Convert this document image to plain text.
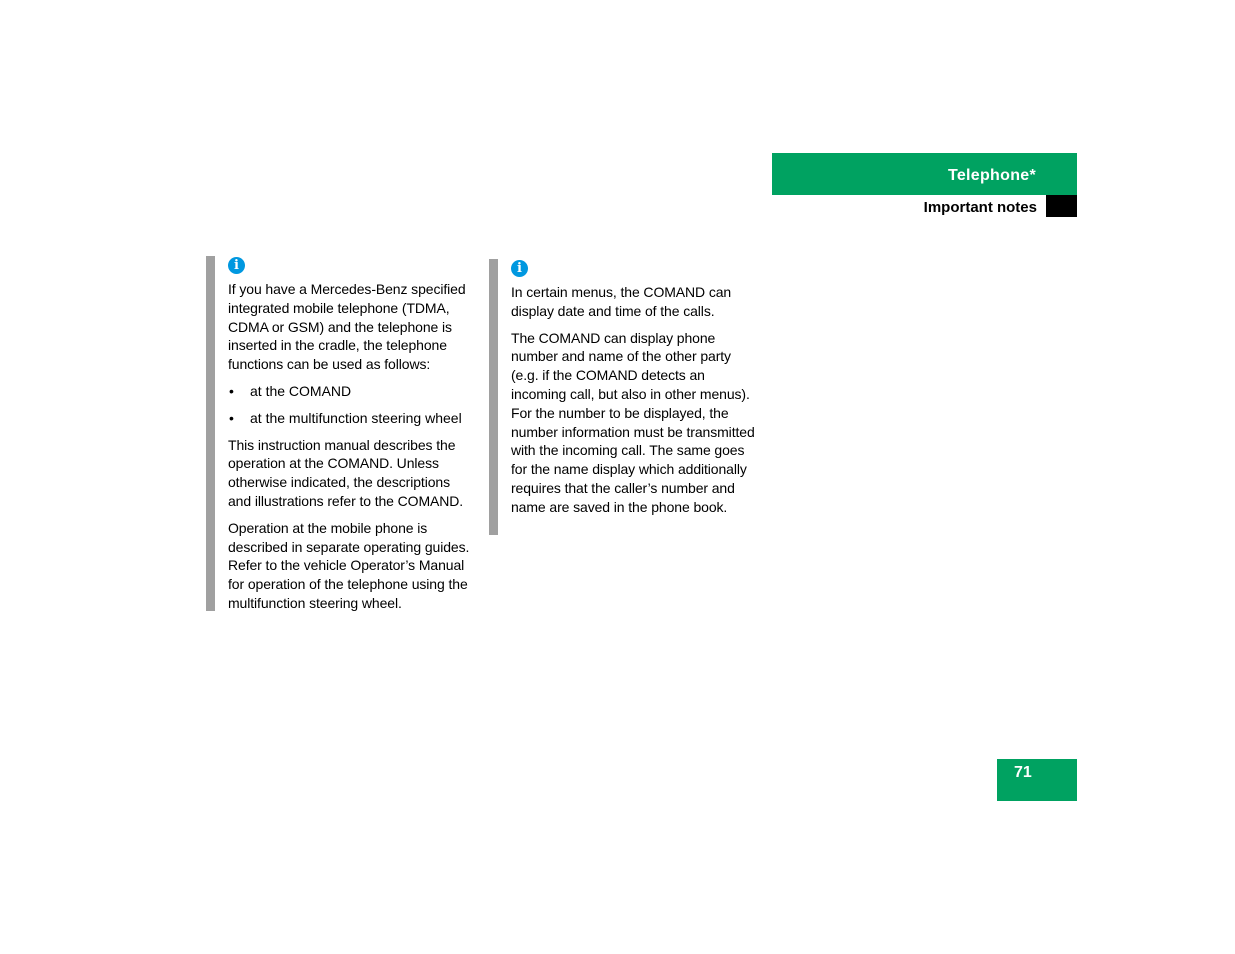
Telephone*
Important notes
i

If you have a Mercedes-Benz specified integrated mobile telephone (TDMA, CDMA or GSM) and the telephone is inserted in the cradle, the telephone functions can be used as follows:

• at the COMAND

• at the multifunction steering wheel

This instruction manual describes the operation at the COMAND. Unless otherwise indicated, the descriptions and illustrations refer to the COMAND.

Operation at the mobile phone is described in separate operating guides. Refer to the vehicle Operator’s Manual for operation of the telephone using the multifunction steering wheel.

i

In certain menus, the COMAND can display date and time of the calls.

The COMAND can display phone number and name of the other party (e.g. if the COMAND detects an incoming call, but also in other menus). For the number to be displayed, the number information must be transmitted with the incoming call. The same goes for the name display which additionally requires that the caller’s number and name are saved in the phone book.

71
